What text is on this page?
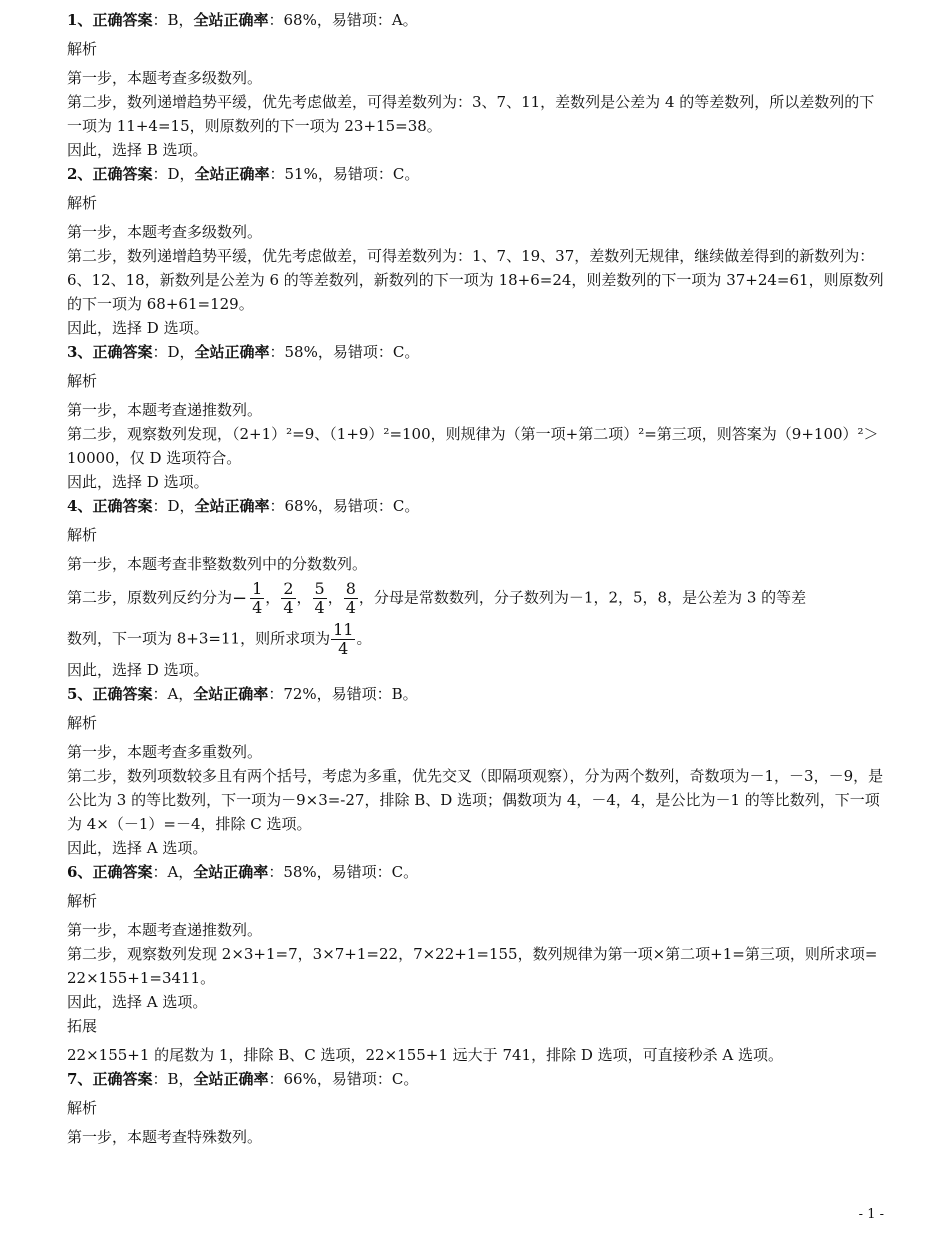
1、正确答案：B，全站正确率：68%，易错项：A。
解析
第一步，本题考查多级数列。
第二步，数列递增趋势平缓，优先考虑做差，可得差数列为：3、7、11，差数列是公差为 4 的等差数列，所以差数列的下一项为 11+4=15，则原数列的下一项为 23+15=38。
因此，选择 B 选项。
2、正确答案：D，全站正确率：51%，易错项：C。
解析
第一步，本题考查多级数列。
第二步，数列递增趋势平缓，优先考虑做差，可得差数列为：1、7、19、37，差数列无规律，继续做差得到的新数列为：6、12、18，新数列是公差为 6 的等差数列，新数列的下一项为 18+6=24，则差数列的下一项为 37+24=61，则原数列的下一项为 68+61=129。
因此，选择 D 选项。
3、正确答案：D，全站正确率：58%，易错项：C。
解析
第一步，本题考查递推数列。
第二步，观察数列发现，（2+1）²=9、（1+9）²=100，则规律为（第一项+第二项）²=第三项，则答案为（9+100）²＞10000，仅 D 选项符合。
因此，选择 D 选项。
4、正确答案：D，全站正确率：68%，易错项：C。
解析
第一步，本题考查非整数数列中的分数数列。
第二步，原数列反约分为− $\frac{1}{4}$ ， $\frac{2}{4}$ ， $\frac{5}{4}$ ， $\frac{8}{4}$ ，分母是常数数列，分子数列为－1，2，5，8，是公差为 3 的等差
数列，下一项为 8+3=11，则所求项为 $\frac{11}{4}$ 。
因此，选择 D 选项。
5、正确答案：A，全站正确率：72%，易错项：B。
解析
第一步，本题考查多重数列。
第二步，数列项数较多且有两个括号，考虑为多重，优先交叉（即隔项观察），分为两个数列，奇数项为－1，－3，－9，是公比为 3 的等比数列，下一项为－9×3=-27，排除 B、D 选项；偶数项为 4，－4，4，是公比为－1 的等比数列，下一项为 4×（－1）=－4，排除 C 选项。
因此，选择 A 选项。
6、正确答案：A，全站正确率：58%，易错项：C。
解析
第一步，本题考查递推数列。
第二步，观察数列发现 2×3+1=7，3×7+1=22，7×22+1=155，数列规律为第一项×第二项+1=第三项，则所求项=22×155+1=3411。
因此，选择 A 选项。
拓展
22×155+1 的尾数为 1，排除 B、C 选项，22×155+1 远大于 741，排除 D 选项，可直接秒杀 A 选项。
7、正确答案：B，全站正确率：66%，易错项：C。
解析
第一步，本题考查特殊数列。
- 1 -
